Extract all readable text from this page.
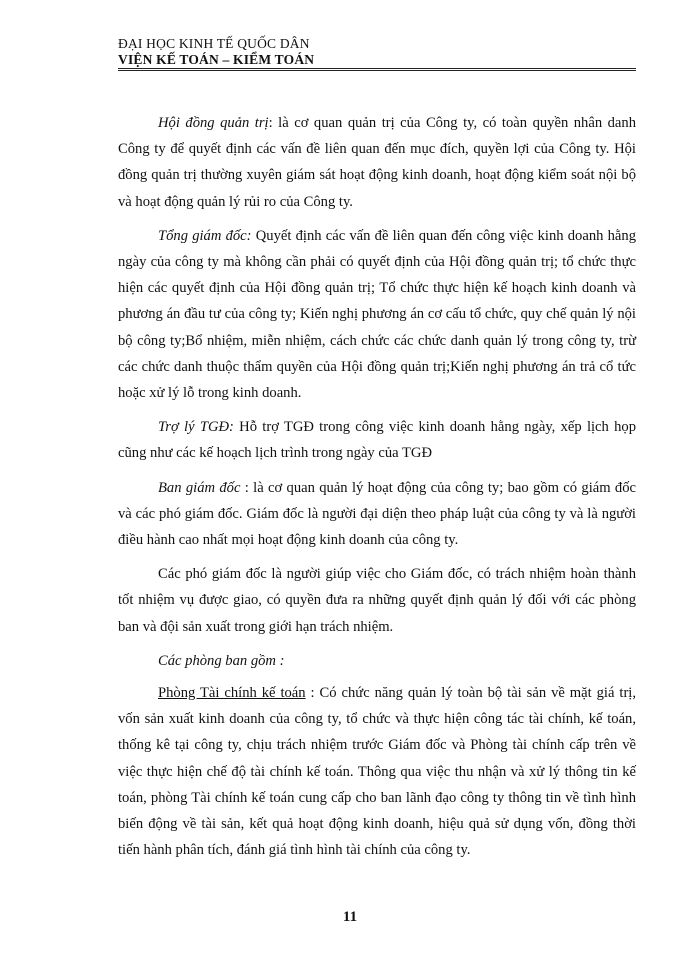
ĐẠI HỌC KINH TẾ QUỐC DÂN
VIỆN KẾ TOÁN – KIỂM TOÁN

Hội đồng quản trị: là cơ quan quản trị của Công ty, có toàn quyền nhân danh Công ty để quyết định các vấn đề liên quan đến mục đích, quyền lợi của Công ty. Hội đồng quản trị thường xuyên giám sát hoạt động kinh doanh, hoạt động kiểm soát nội bộ và hoạt động quản lý rủi ro của Công ty.

Tổng giám đốc: Quyết định các vấn đề liên quan đến công việc kinh doanh hằng ngày của công ty mà không cần phải có quyết định của Hội đồng quản trị; tổ chức thực hiện các quyết định của Hội đồng quản trị; Tổ chức thực hiện kế hoạch kinh doanh và phương án đầu tư của công ty; Kiến nghị phương án cơ cấu tổ chức, quy chế quản lý nội bộ công ty;Bổ nhiệm, miễn nhiệm, cách chức các chức danh quản lý trong công ty, trừ các chức danh thuộc thẩm quyền của Hội đồng quản trị;Kiến nghị phương án trả cổ tức hoặc xử lý lỗ trong kinh doanh.

Trợ lý TGĐ: Hỗ trợ TGĐ trong công việc kinh doanh hằng ngày, xếp lịch họp cũng như các kế hoạch lịch trình trong ngày của TGĐ

Ban giám đốc : là cơ quan quản lý hoạt động của công ty; bao gồm có giám đốc và các phó giám đốc. Giám đốc là người đại diện theo pháp luật của công ty và là người điều hành cao nhất mọi hoạt động kinh doanh của công ty.

Các phó giám đốc là người giúp việc cho Giám đốc, có trách nhiệm hoàn thành tốt nhiệm vụ được giao, có quyền đưa ra những quyết định quản lý đối với các phòng ban và đội sản xuất trong giới hạn trách nhiệm.

Các phòng ban gồm :

Phòng Tài chính kế toán : Có chức năng quản lý toàn bộ tài sản về mặt giá trị, vốn sản xuất kinh doanh của công ty, tổ chức và thực hiện công tác tài chính, kế toán, thống kê tại công ty, chịu trách nhiệm trước Giám đốc và Phòng tài chính cấp trên về việc thực hiện chế độ tài chính kế toán. Thông qua việc thu nhận và xử lý thông tin kế toán, phòng Tài chính kế toán cung cấp cho ban lãnh đạo công ty thông tin về tình hình biến động về tài sản, kết quả hoạt động kinh doanh, hiệu quả sử dụng vốn, đồng thời tiến hành phân tích, đánh giá tình hình tài chính của công ty.

11
